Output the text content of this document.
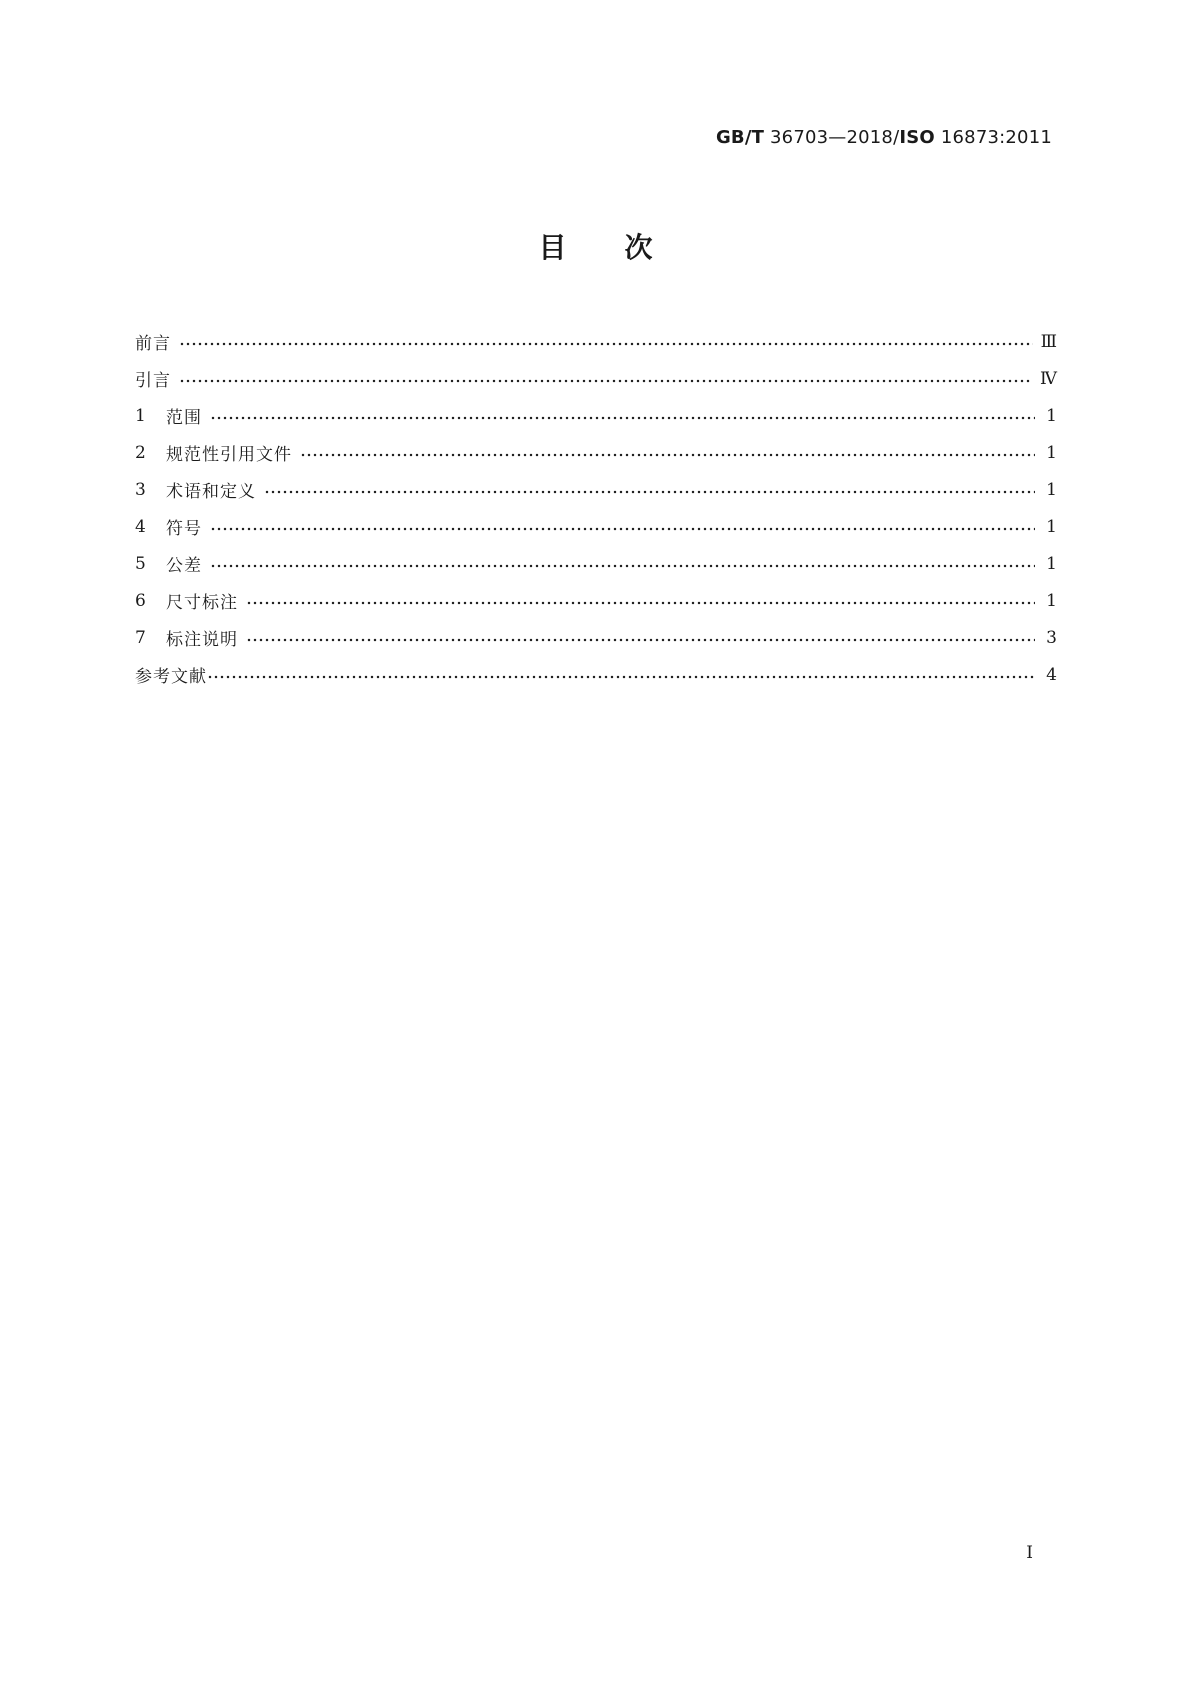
GB/T 36703—2018/ISO 16873:2011
目次
前言	Ⅲ
引言	Ⅳ
1	范围	1
2	规范性引用文件	1
3	术语和定义	1
4	符号	1
5	公差	1
6	尺寸标注	1
7	标注说明	3
参考文献	4
Ⅰ
